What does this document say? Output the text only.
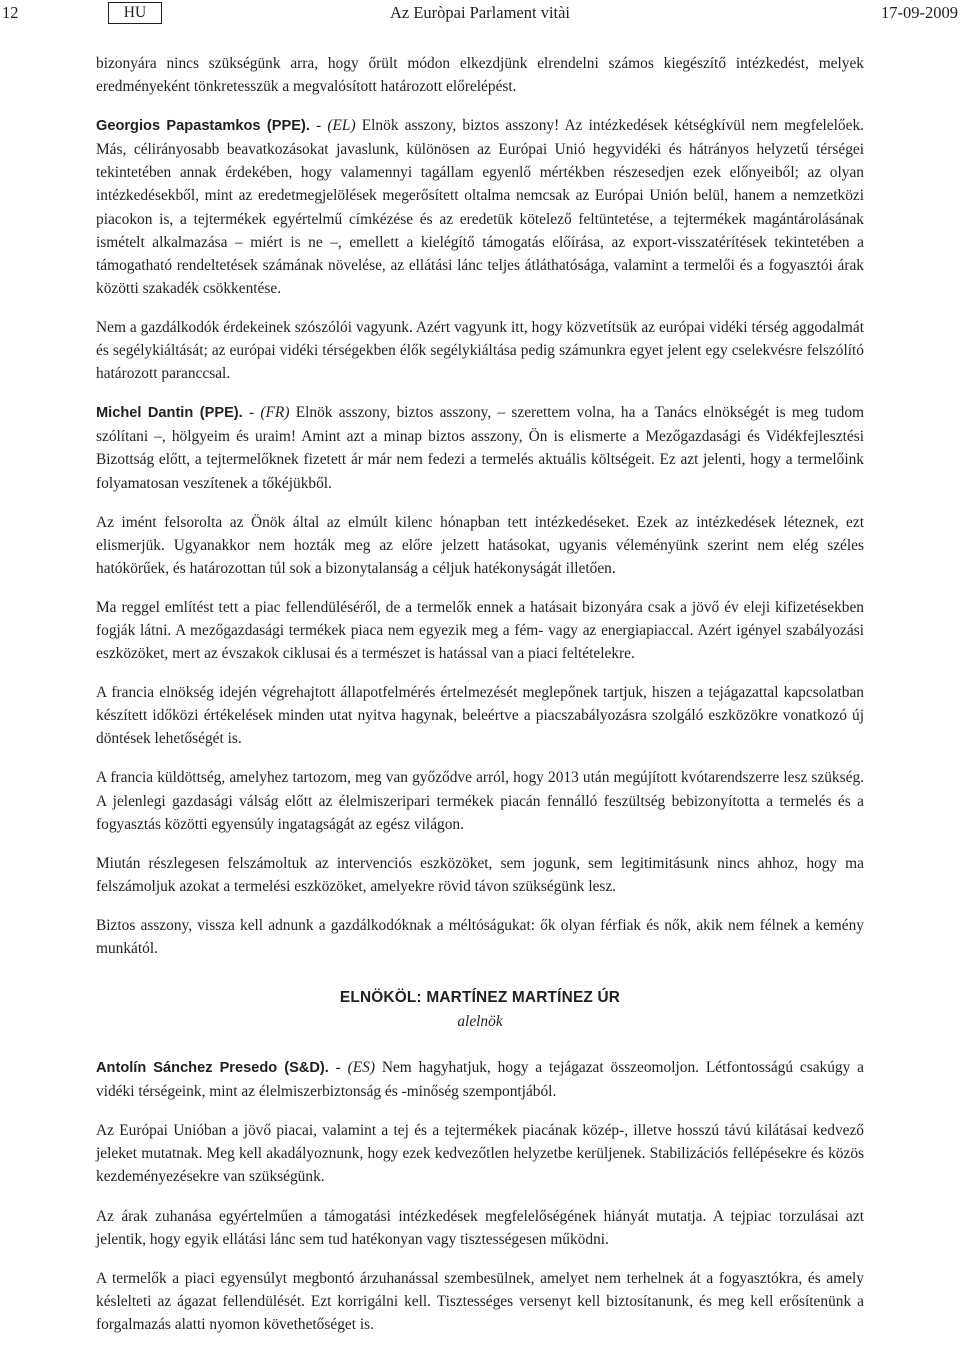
12	HU	Az Euròpai Parlament vitài	17-09-2009

bizonyára nincs szükségünk arra, hogy őrült módon elkezdjünk elrendelni számos kiegészítő intézkedést, melyek eredményeként tönkretesszük a megvalósított határozott előrelépést.

Georgios Papastamkos (PPE). - (EL) Elnök asszony, biztos asszony! Az intézkedések kétségkívül nem megfelelőek. Más, célirányosabb beavatkozásokat javaslunk, különösen az Európai Unió hegyvidéki és hátrányos helyzetű térségei tekintetében annak érdekében, hogy valamennyi tagállam egyenlő mértékben részesedjen ezek előnyeiből; az olyan intézkedésekből, mint az eredetmegjelölések megerősített oltalma nemcsak az Európai Unión belül, hanem a nemzetközi piacokon is, a tejtermékek egyértelmű címkézése és az eredetük kötelező feltüntetése, a tejtermékek magántárolásának ismételt alkalmazása – miért is ne –, emellett a kielégítő támogatás előírása, az export-visszatérítések tekintetében a támogatható rendeltetések számának növelése, az ellátási lánc teljes átláthatósága, valamint a termelői és a fogyasztói árak közötti szakadék csökkentése.

Nem a gazdálkodók érdekeinek szószólói vagyunk. Azért vagyunk itt, hogy közvetítsük az európai vidéki térség aggodalmát és segélykiáltását; az európai vidéki térségekben élők segélykiáltása pedig számunkra egyet jelent egy cselekvésre felszólító határozott paranccsal.

Michel Dantin (PPE). - (FR) Elnök asszony, biztos asszony, – szerettem volna, ha a Tanács elnökségét is meg tudom szólítani –, hölgyeim és uraim! Amint azt a minap biztos asszony, Ön is elismerte a Mezőgazdasági és Vidékfejlesztési Bizottság előtt, a tejtermelőknek fizetett ár már nem fedezi a termelés aktuális költségeit. Ez azt jelenti, hogy a termelőink folyamatosan veszítenek a tőkéjükből.

Az imént felsorolta az Önök által az elmúlt kilenc hónapban tett intézkedéseket. Ezek az intézkedések léteznek, ezt elismerjük. Ugyanakkor nem hozták meg az előre jelzett hatásokat, ugyanis véleményünk szerint nem elég széles hatókörűek, és határozottan túl sok a bizonytalanság a céljuk hatékonyságát illetően.

Ma reggel említést tett a piac fellendüléséről, de a termelők ennek a hatásait bizonyára csak a jövő év eleji kifizetésekben fogják látni. A mezőgazdasági termékek piaca nem egyezik meg a fém- vagy az energiapiaccal. Azért igényel szabályozási eszközöket, mert az évszakok ciklusai és a természet is hatással van a piaci feltételekre.

A francia elnökség idején végrehajtott állapotfelmérés értelmezését meglepőnek tartjuk, hiszen a tejágazattal kapcsolatban készített időközi értékelések minden utat nyitva hagynak, beleértve a piacszabályozásra szolgáló eszközökre vonatkozó új döntések lehetőségét is.

A francia küldöttség, amelyhez tartozom, meg van győződve arról, hogy 2013 után megújított kvótarendszerre lesz szükség. A jelenlegi gazdasági válság előtt az élelmiszeripari termékek piacán fennálló feszültség bebizonyította a termelés és a fogyasztás közötti egyensúly ingatagságát az egész világon.

Miután részlegesen felszámoltuk az intervenciós eszközöket, sem jogunk, sem legitimitásunk nincs ahhoz, hogy ma felszámoljuk azokat a termelési eszközöket, amelyekre rövid távon szükségünk lesz.

Biztos asszony, vissza kell adnunk a gazdálkodóknak a méltóságukat: ők olyan férfiak és nők, akik nem félnek a kemény munkától.

ELNÖKÖL: MARTÍNEZ MARTÍNEZ ÚR
alelnök

Antolín Sánchez Presedo (S&D). - (ES) Nem hagyhatjuk, hogy a tejágazat összeomoljon. Létfontosságú csakúgy a vidéki térségeink, mint az élelmiszerbiztonság és -minőség szempontjából.

Az Európai Unióban a jövő piacai, valamint a tej és a tejtermékek piacának közép-, illetve hosszú távú kilátásai kedvező jeleket mutatnak. Meg kell akadályoznunk, hogy ezek kedvezőtlen helyzetbe kerüljenek. Stabilizációs fellépésekre és közös kezdeményezésekre van szükségünk.

Az árak zuhanása egyértelműen a támogatási intézkedések megfelelőségének hiányát mutatja. A tejpiac torzulásai azt jelentik, hogy egyik ellátási lánc sem tud hatékonyan vagy tisztességesen működni.

A termelők a piaci egyensúlyt megbontó árzuhanással szembesülnek, amelyet nem terhelnek át a fogyasztókra, és amely késlelteti az ágazat fellendülését. Ezt korrigálni kell. Tisztességes versenyt kell biztosítanunk, és meg kell erősítenünk a forgalmazás alatti nyomon követhetőséget is.
